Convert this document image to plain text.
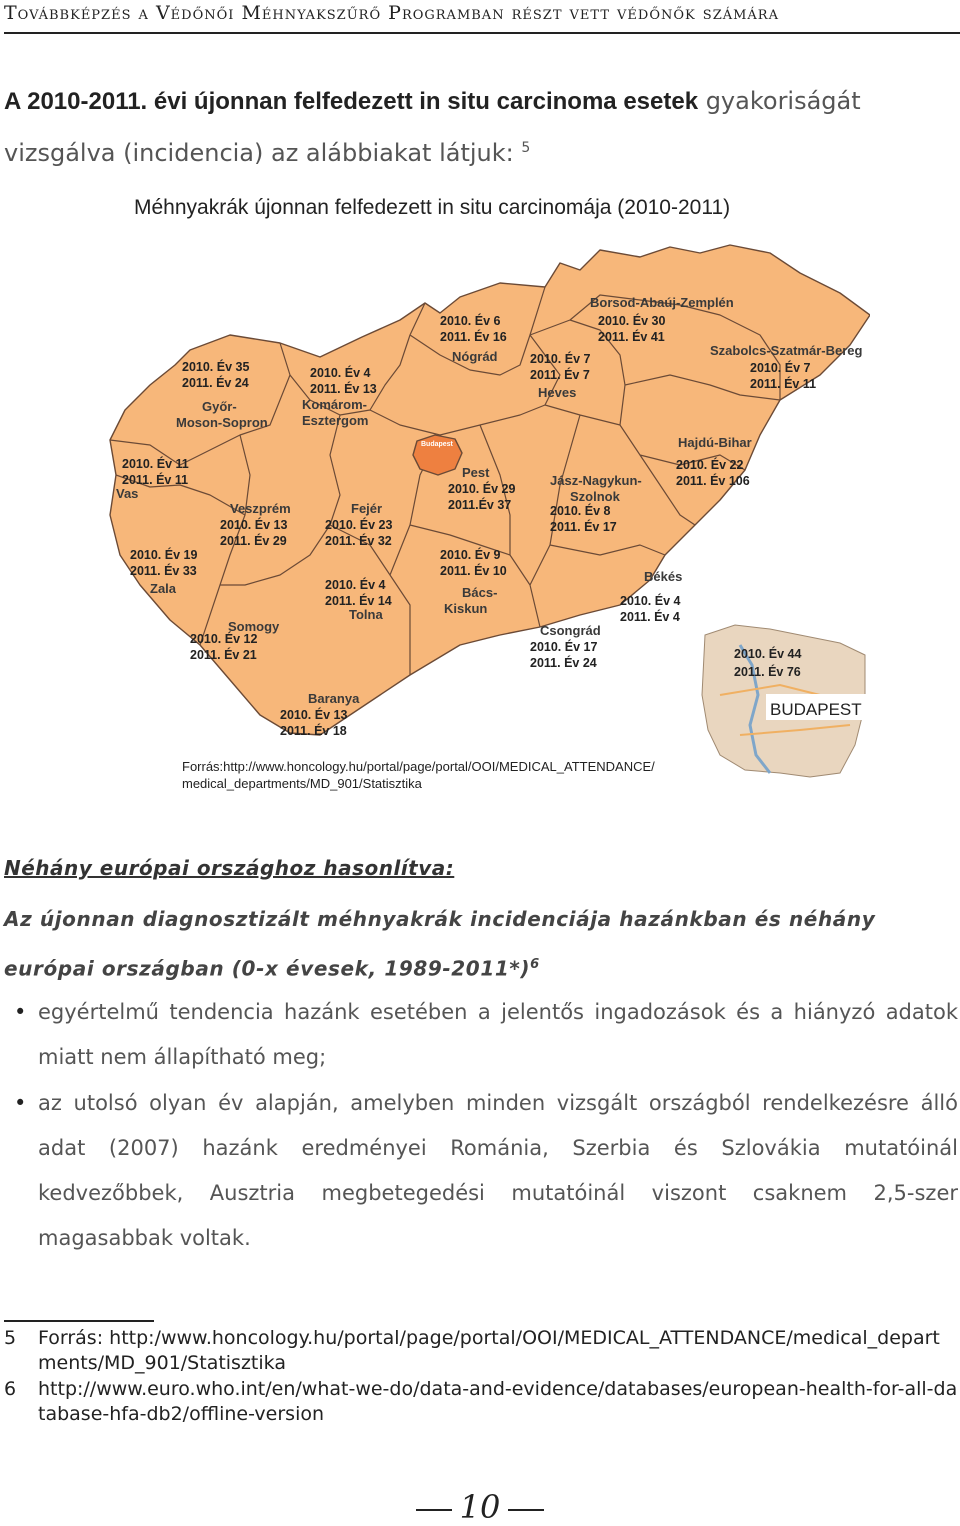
Továbbképzés a Védőnői Méhnyakszűrő Programban részt vett védőnők számára
A 2010-2011. évi újonnan felfedezett in situ carcinoma esetek gyakoriságát
vizsgálva (incidencia) az alábbiakat látjuk: $^5$
Méhnyakrák újonnan felfedezett in situ carcinomája (2010-2011)
Budapest
BUDAPEST
2010. Év 44
2011. Év 76
2010. Év 35
2011. Év 24
Győr-
Moson-Sopron
2010. Év 4
2011. Év 13
Komárom-
Esztergom
2010. Év 6
2011. Év 16
Nógrád
Borsod-Abaúj-Zemplén
2010. Év 30
2011. Év 41
Szabolcs-Szatmár-Bereg
2010. Év 7
2011. Év 11
2010. Év 7
2011. Év 7
Heves
2010. Év 11
2011. Év 11
Vas
Veszprém
2010. Év 13
2011. Év 29
Fejér
2010. Év 23
2011. Év 32
Pest
2010. Év 29
2011.Év 37
Jász-Nagykun-
Szolnok
2010. Év 8
2011. Év 17
Hajdú-Bihar
2010. Év 22
2011. Év 106
2010. Év 19
2011. Év 33
Zala	2010. Év 4
2011. Év 14
Tolna
2010. Év 9
2011. Év 10
Bács-
Kiskun
Békés
2010. Év 4
2011. Év 4
Somogy
2010. Év 12
2011. Év 21
Csongrád
2010. Év 17
2011. Év 24
Baranya
2010. Év 13
2011. Év 18
Forrás:http://www.honcology.hu/portal/page/portal/OOI/MEDICAL_ATTENDANCE/
medical_departments/MD_901/Statisztika
Néhány európai országhoz hasonlítva:
Az újonnan diagnosztizált méhnyakrák incidenciája hazánkban és néhány európai országban (0-x évesek, 1989-2011*)$^6$
• egyértelmű tendencia hazánk esetében a jelentős ingadozások és a hiányzó adatok miatt nem állapítható meg;
• az utolsó olyan év alapján, amelyben minden vizsgált országból rendelkezésre álló adat (2007) hazánk eredményei Románia, Szerbia és Szlovákia mutatóinál kedvezőbbek, Ausztria megbetegedési mutatóinál viszont csaknem 2,5-szer magasabbak voltak.
5	Forrás: http:/www.honcology.hu/portal/page/portal/OOI/MEDICAL_ATTENDANCE/medical_departments/MD_901/Statisztika
6	http://www.euro.who.int/en/what-we-do/data-and-evidence/databases/european-health-for-all-database-hfa-db2/offline-version
10
